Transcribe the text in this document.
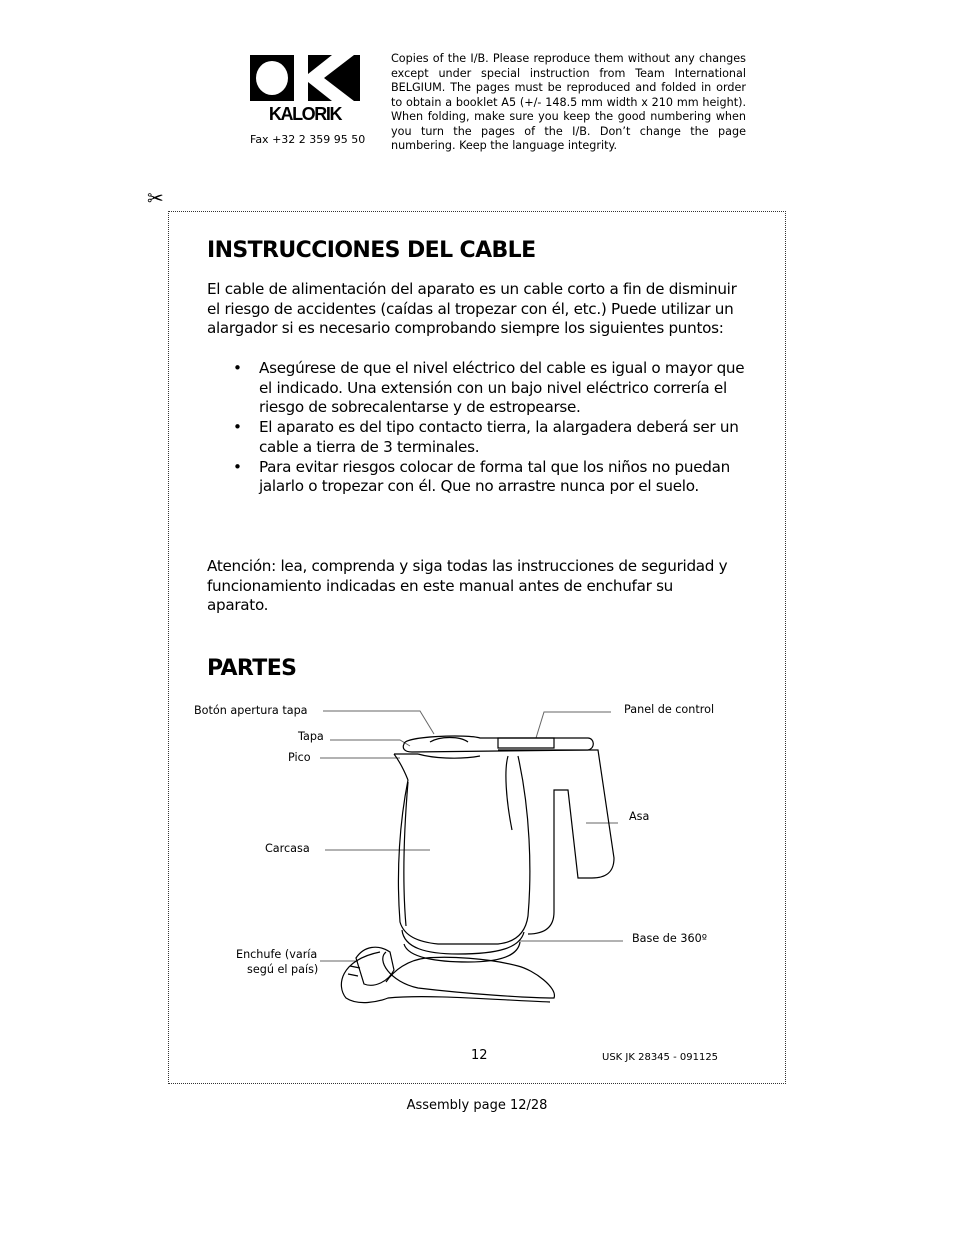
KALORIK
Fax +32 2 359 95 50
Copies of the I/B. Please reproduce them without any changes except under special instruction from Team International BELGIUM. The pages must be reproduced and folded in order to obtain a booklet A5 (+/- 148.5 mm width x 210 mm height). When folding, make sure you keep the good numbering when you turn the pages of the I/B. Don’t change the page numbering. Keep the language integrity.
✂
INSTRUCCIONES DEL CABLE
El cable de alimentación del aparato es un cable corto a fin de disminuir el riesgo de accidentes (caídas al tropezar con él, etc.) Puede utilizar un alargador si es necesario comprobando siempre los siguientes puntos:
• Asegúrese de que el nivel eléctrico del cable es igual o mayor que el indicado. Una extensión con un bajo nivel eléctrico correría el riesgo de sobrecalentarse y de estropearse.
• El aparato es del tipo contacto tierra, la alargadera deberá ser un cable a tierra de 3 terminales.
• Para evitar riesgos colocar de forma tal que los niños no puedan jalarlo o tropezar con él. Que no arrastre nunca por el suelo.
Atención: lea, comprenda y siga todas las instrucciones de seguridad y funcionamiento indicadas en este manual antes de enchufar su aparato.
PARTES
Botón apertura tapa
Tapa
Pico
Carcasa
Enchufe (varía
segú el país)
Panel de control
Asa
Base de 360º
12	USK JK 28345 - 091125
Assembly page 12/28
